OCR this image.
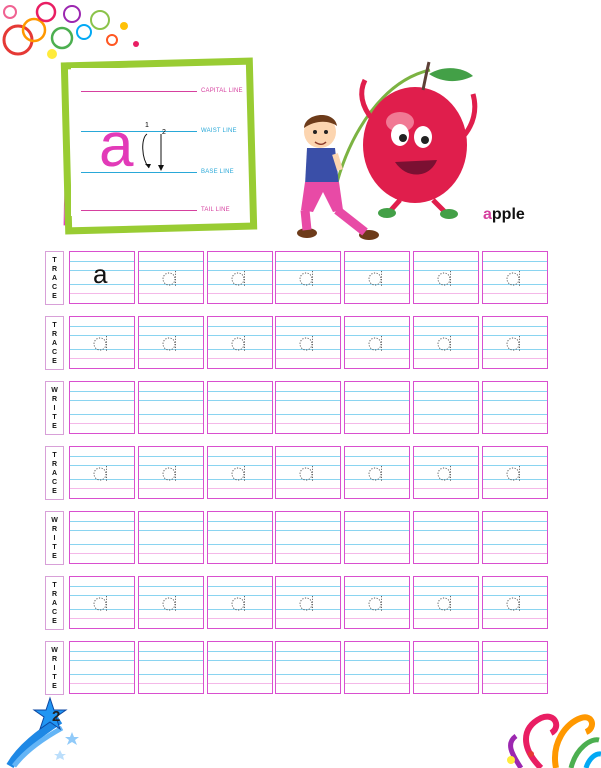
2
CAPITAL LINE
WAIST LINE
BASE LINE
TAIL LINE
a 1
2
apple
T
R
A
C
E
a
T
R
A
C
E
W
R
I
T
E
T
R
A
C
E
W
R
I
T
E
T
R
A
C
E
W
R
I
T
E
